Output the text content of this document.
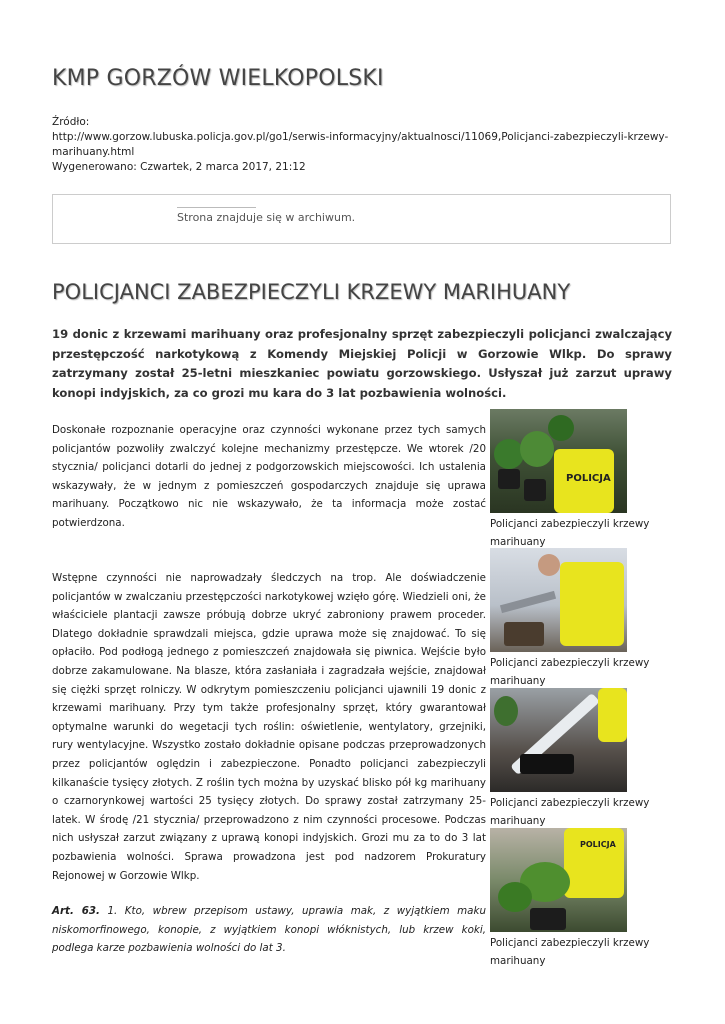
KMP GORZÓW WIELKOPOLSKI
Źródło:
http://www.gorzow.lubuska.policja.gov.pl/go1/serwis-informacyjny/aktualnosci/11069,Policjanci-zabezpieczyli-krzewy-marihuany.html
Wygenerowano: Czwartek, 2 marca 2017, 21:12
Strona znajduje się w archiwum.
POLICJANCI ZABEZPIECZYLI KRZEWY MARIHUANY

19 donic z krzewami marihuany oraz profesjonalny sprzęt zabezpieczyli policjanci zwalczający przestępczość narkotykową z Komendy Miejskiej Policji w Gorzowie Wlkp. Do sprawy zatrzymany został 25-letni mieszkaniec powiatu gorzowskiego. Usłyszał już zarzut uprawy konopi indyjskich, za co grozi mu kara do 3 lat pozbawienia wolności.

Doskonałe rozpoznanie operacyjne oraz czynności wykonane przez tych samych policjantów pozwoliły zwalczyć kolejne mechanizmy przestępcze. We wtorek /20 stycznia/ policjanci dotarli do jednej z podgorzowskich miejscowości. Ich ustalenia wskazywały, że w jednym z pomieszczeń gospodarczych znajduje się uprawa marihuany. Początkowo nic nie wskazywało, że ta informacja może zostać potwierdzona.

Wstępne czynności nie naprowadzały śledczych na trop. Ale doświadczenie policjantów w zwalczaniu przestępczości narkotykowej wzięło górę. Wiedzieli oni, że właściciele plantacji zawsze próbują dobrze ukryć zabroniony prawem proceder. Dlatego dokładnie sprawdzali miejsca, gdzie uprawa może się znajdować. To się opłaciło. Pod podłogą jednego z pomieszczeń znajdowała się piwnica. Wejście było dobrze zakamulowane. Na blasze, która zasłaniała i zagradzała wejście, znajdował się ciężki sprzęt rolniczy. W odkrytym pomieszczeniu policjanci ujawnili 19 donic z krzewami marihuany. Przy tym także profesjonalny sprzęt, który gwarantował optymalne warunki do wegetacji tych roślin: oświetlenie, wentylatory, grzejniki, rury wentylacyjne. Wszystko zostało dokładnie opisane podczas przeprowadzonych przez policjantów oględzin i zabezpieczone. Ponadto policjanci zabezpieczyli kilkanaście tysięcy złotych. Z roślin tych można by uzyskać blisko pół kg marihuany o czarnorynkowej wartości 25 tysięcy złotych. Do sprawy został zatrzymany 25-latek. W środę /21 stycznia/ przeprowadzono z nim czynności procesowe. Podczas nich usłyszał zarzut związany z uprawą konopi indyjskich. Grozi mu za to do 3 lat pozbawienia wolności. Sprawa prowadzona jest pod nadzorem Prokuratury Rejonowej w Gorzowie Wlkp.

Art. 63. 1. Kto, wbrew przepisom ustawy, uprawia mak, z wyjątkiem maku niskomorfinowego, konopie, z wyjątkiem konopi włóknistych, lub krzew koki, podlega karze pozbawienia wolności do lat 3.

POLICJA
Policjanci zabezpieczyli krzewy marihuany
Policjanci zabezpieczyli krzewy marihuany
Policjanci zabezpieczyli krzewy marihuany
POLICJA
Policjanci zabezpieczyli krzewy marihuany
